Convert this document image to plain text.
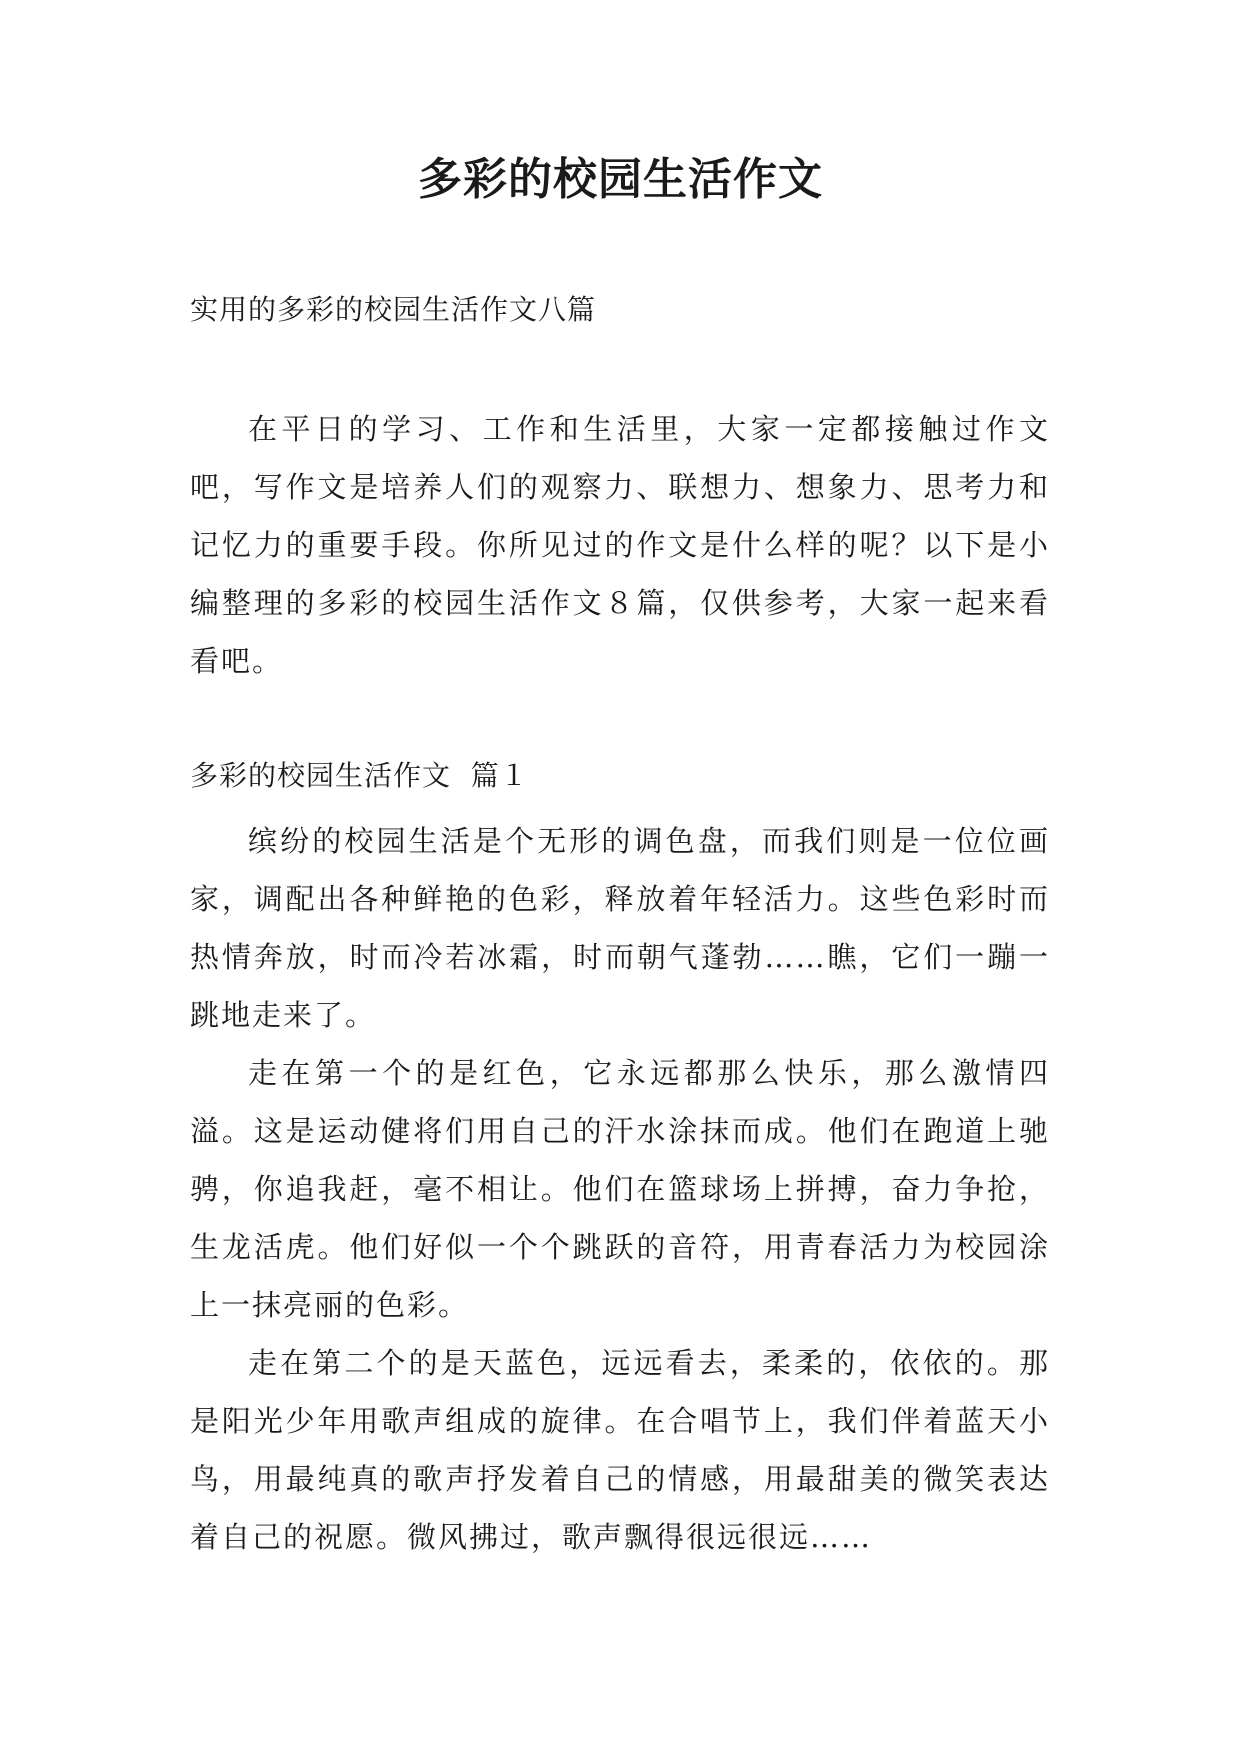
多彩的校园生活作文
实用的多彩的校园生活作文八篇

在平日的学习、工作和生活里，大家一定都接触过作文吧，写作文是培养人们的观察力、联想力、想象力、思考力和记忆力的重要手段。你所见过的作文是什么样的呢？以下是小编整理的多彩的校园生活作文８篇，仅供参考，大家一起来看看吧。

多彩的校园生活作文  篇１

缤纷的校园生活是个无形的调色盘，而我们则是一位位画家，调配出各种鲜艳的色彩，释放着年轻活力。这些色彩时而热情奔放，时而冷若冰霜，时而朝气蓬勃……瞧，它们一蹦一跳地走来了。

走在第一个的是红色，它永远都那么快乐，那么激情四溢。这是运动健将们用自己的汗水涂抹而成。他们在跑道上驰骋，你追我赶，毫不相让。他们在篮球场上拼搏，奋力争抢，生龙活虎。他们好似一个个跳跃的音符，用青春活力为校园涂上一抹亮丽的色彩。

走在第二个的是天蓝色，远远看去，柔柔的，依依的。那是阳光少年用歌声组成的旋律。在合唱节上，我们伴着蓝天小鸟，用最纯真的歌声抒发着自己的情感，用最甜美的微笑表达着自己的祝愿。微风拂过，歌声飘得很远很远……
